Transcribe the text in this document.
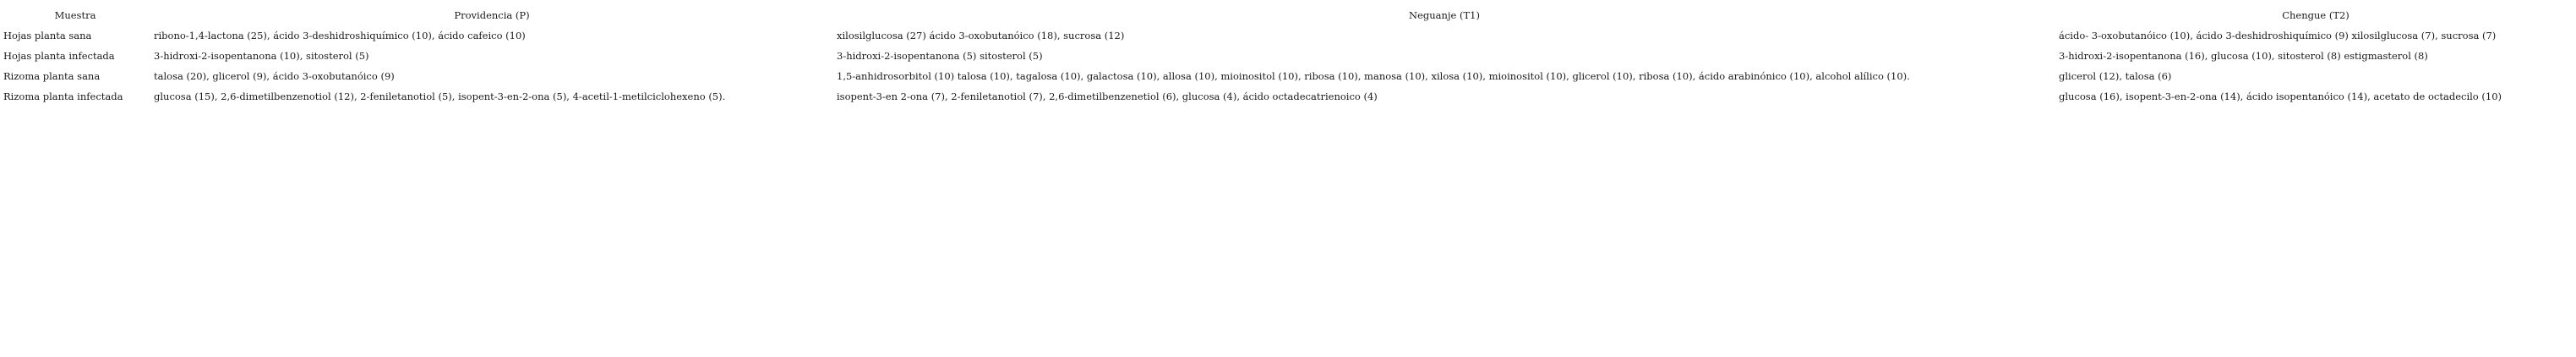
Muestra	Providencia (P)	Neguanje (T1)	Chengue (T2)
Hojas planta sana	ribono-1,4-lactona (25), ácido 3-deshidroshiquímico (10), ácido cafeico (10)	xilosilglucosa (27) ácido 3-oxobutanóico (18), sucrosa (12)	ácido- 3-oxobutanóico (10), ácido 3-deshidroshiquímico (9) xilosilglucosa (7), sucrosa (7)
Hojas planta infectada	3-hidroxi-2-isopentanona (10), sitosterol (5)	3-hidroxi-2-isopentanona (5) sitosterol (5)	3-hidroxi-2-isopentanona (16), glucosa (10), sitosterol (8) estigmasterol (8)
Rizoma planta sana	talosa (20), glicerol (9), ácido 3-oxobutanóico (9)	1,5-anhidrosorbitol (10) talosa (10), tagalosa (10), galactosa (10), allosa (10), mioinositol (10), ribosa (10), manosa (10), xilosa (10), mioinositol (10), glicerol (10), ribosa (10), ácido arabinónico (10), alcohol alílico (10).	glicerol (12), talosa (6)
Rizoma planta infectada	glucosa (15), 2,6-dimetilbenzenotiol (12), 2-feniletanotiol (5), isopent-3-en-2-ona (5), 4-acetil-1-metilciclohexeno (5).	isopent-3-en 2-ona (7), 2-feniletanotiol (7), 2,6-dimetilbenzenetiol (6), glucosa (4), ácido octadecatrienoico (4)	glucosa (16), isopent-3-en-2-ona (14), ácido isopentanóico (14), acetato de octadecilo (10)
